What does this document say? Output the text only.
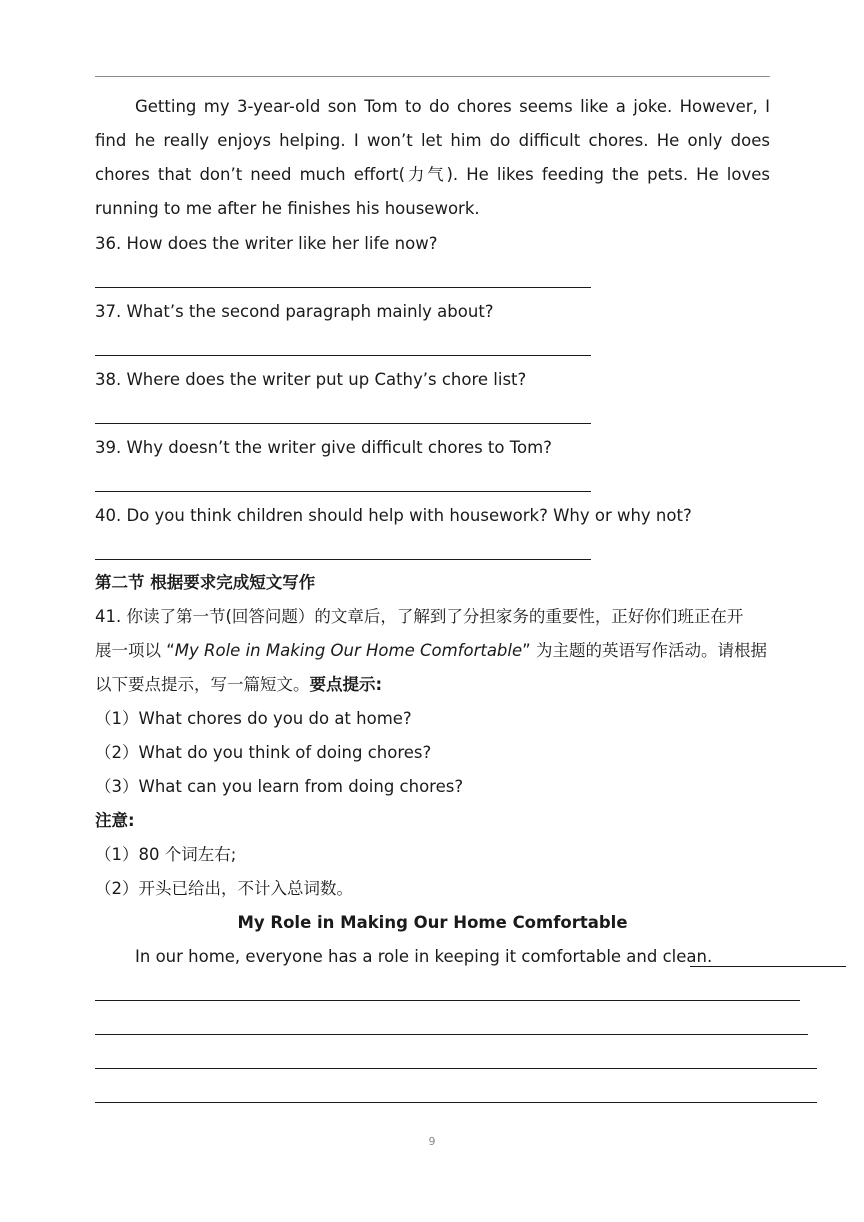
Getting my 3-year-old son Tom to do chores seems like a joke. However, I find he really enjoys helping. I won’t let him do difficult chores. He only does chores that don’t need much effort(力气). He likes feeding the pets. He loves running to me after he finishes his housework.
36. How does the writer like her life now?
37. What’s the second paragraph mainly about?
38. Where does the writer put up Cathy’s chore list?
39. Why doesn’t the writer give difficult chores to Tom?
40. Do you think children should help with housework? Why or why not?
第二节 根据要求完成短文写作
41. 你读了第一节(回答问题）的文章后，了解到了分担家务的重要性，正好你们班正在开
展一项以 “My Role in Making Our Home Comfortable” 为主题的英语写作活动。请根据
以下要点提示，写一篇短文。要点提示:
（1）What chores do you do at home?
（2）What do you think of doing chores?
（3）What can you learn from doing chores?
注意:
（1）80 个词左右;
（2）开头已给出，不计入总词数。
My Role in Making Our Home Comfortable
In our home, everyone has a role in keeping it comfortable and clean.
9
